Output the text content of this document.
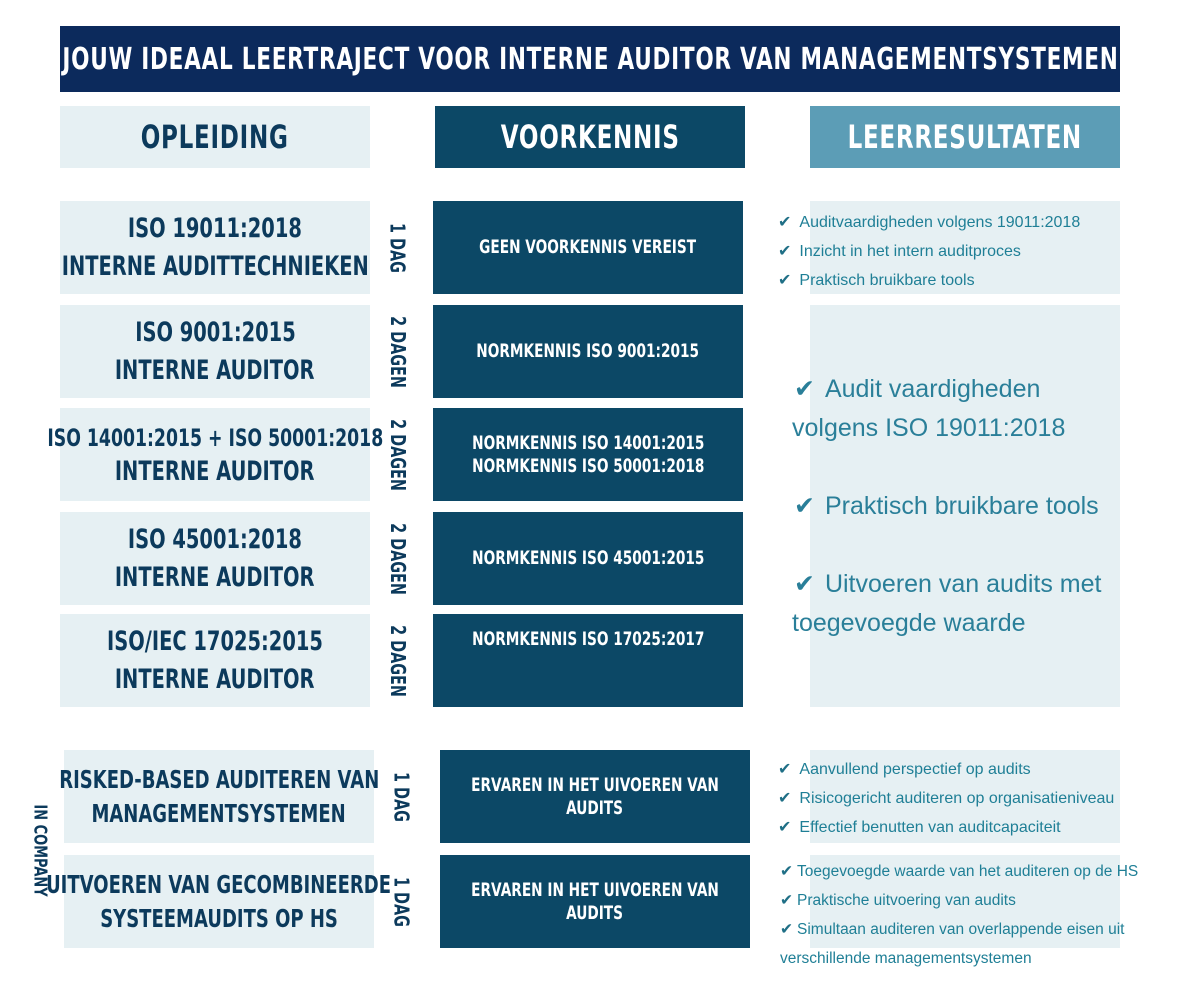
JOUW IDEAAL LEERTRAJECT VOOR INTERNE AUDITOR VAN MANAGEMENTSYSTEMEN
OPLEIDING	VOORKENNIS	LEERRESULTATEN
ISO 19011:2018
INTERNE AUDITTECHNIEKEN 1 DAG	GEEN VOORKENNIS VEREIST
✔ Auditvaardigheden volgens 19011:2018
✔ Inzicht in het intern auditproces
✔ Praktisch bruikbare tools
ISO 9001:2015
INTERNE AUDITOR	2 DAGEN	NORMKENNIS ISO 9001:2015
ISO 14001:2015 + ISO 50001:2018
INTERNE AUDITOR	2 DAGEN	NORMKENNIS ISO 14001:2015
NORMKENNIS ISO 50001:2018
ISO 45001:2018
INTERNE AUDITOR	2 DAGEN	NORMKENNIS ISO 45001:2015
ISO/IEC 17025:2015
INTERNE AUDITOR	2 DAGEN	NORMKENNIS ISO 17025:2017
✔ Audit vaardigheden
volgens ISO 19011:2018
✔ Praktisch bruikbare tools
✔ Uitvoeren van audits met
toegevoegde waarde
IN COMPANY
RISKED-BASED AUDITEREN VAN
MANAGEMENTSYSTEMEN 1 DAG	ERVAREN IN HET UIVOEREN VAN
AUDITS
✔ Aanvullend perspectief op audits
✔ Risicogericht auditeren op organisatieniveau
✔ Effectief benutten van auditcapaciteit
UITVOEREN VAN GECOMBINEERDE
SYSTEEMAUDITS OP HS	1 DAG	ERVAREN IN HET UIVOEREN VAN
AUDITS
✔ Toegevoegde waarde van het auditeren op de HS
✔ Praktische uitvoering van audits
✔ Simultaan auditeren van overlappende eisen uit
verschillende managementsystemen
